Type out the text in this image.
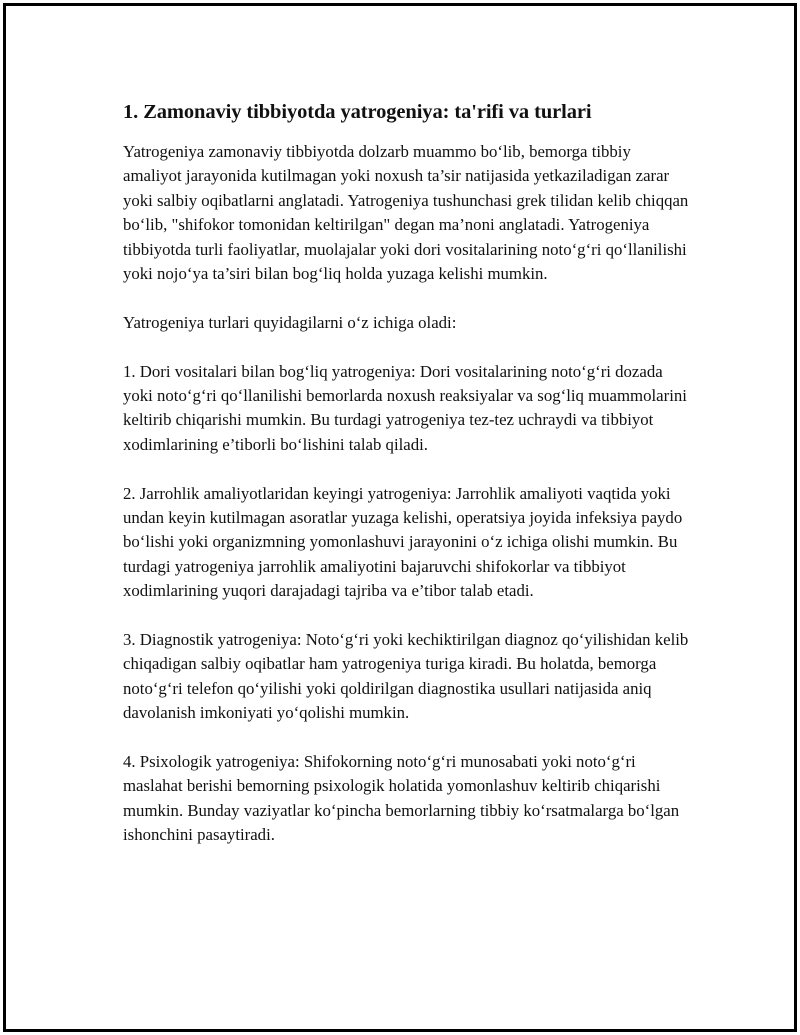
1. Zamonaviy tibbiyotda yatrogeniya: ta'rifi va turlari

Yatrogeniya zamonaviy tibbiyotda dolzarb muammo bo‘lib, bemorga tibbiy amaliyot jarayonida kutilmagan yoki noxush ta’sir natijasida yetkaziladigan zarar yoki salbiy oqibatlarni anglatadi. Yatrogeniya tushunchasi grek tilidan kelib chiqqan bo‘lib, "shifokor tomonidan keltirilgan" degan ma’noni anglatadi. Yatrogeniya tibbiyotda turli faoliyatlar, muolajalar yoki dori vositalarining noto‘g‘ri qo‘llanilishi yoki nojo‘ya ta’siri bilan bog‘liq holda yuzaga kelishi mumkin.

Yatrogeniya turlari quyidagilarni o‘z ichiga oladi:

1. Dori vositalari bilan bog‘liq yatrogeniya: Dori vositalarining noto‘g‘ri dozada yoki noto‘g‘ri qo‘llanilishi bemorlarda noxush reaksiyalar va sog‘liq muammolarini keltirib chiqarishi mumkin. Bu turdagi yatrogeniya tez-tez uchraydi va tibbiyot xodimlarining e’tiborli bo‘lishini talab qiladi.

2. Jarrohlik amaliyotlaridan keyingi yatrogeniya: Jarrohlik amaliyoti vaqtida yoki undan keyin kutilmagan asoratlar yuzaga kelishi, operatsiya joyida infeksiya paydo bo‘lishi yoki organizmning yomonlashuvi jarayonini o‘z ichiga olishi mumkin. Bu turdagi yatrogeniya jarrohlik amaliyotini bajaruvchi shifokorlar va tibbiyot xodimlarining yuqori darajadagi tajriba va e’tibor talab etadi.

3. Diagnostik yatrogeniya: Noto‘g‘ri yoki kechiktirilgan diagnoz qo‘yilishidan kelib chiqadigan salbiy oqibatlar ham yatrogeniya turiga kiradi. Bu holatda, bemorga noto‘g‘ri telefon qo‘yilishi yoki qoldirilgan diagnostika usullari natijasida aniq davolanish imkoniyati yo‘qolishi mumkin.

4. Psixologik yatrogeniya: Shifokorning noto‘g‘ri munosabati yoki noto‘g‘ri maslahat berishi bemorning psixologik holatida yomonlashuv keltirib chiqarishi mumkin. Bunday vaziyatlar ko‘pincha bemorlarning tibbiy ko‘rsatmalarga bo‘lgan ishonchini pasaytiradi.
